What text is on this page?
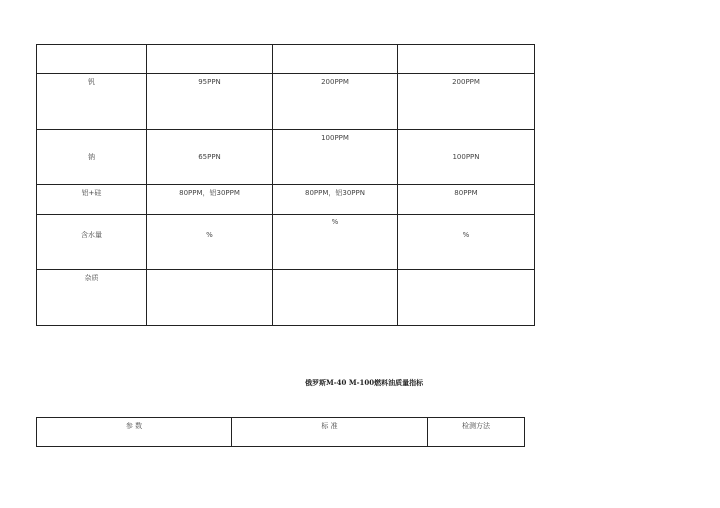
钒	95PPN	200PPM	200PPM

钠	65PPN	100PPM	100PPN

铝+硅	80PPM，铝30PPM	80PPM，铝30PPN	80PPM

含水量	%	%	%

杂质			

俄罗斯M-40 M-100燃料油质量指标
参 数	标 准	检测方法
